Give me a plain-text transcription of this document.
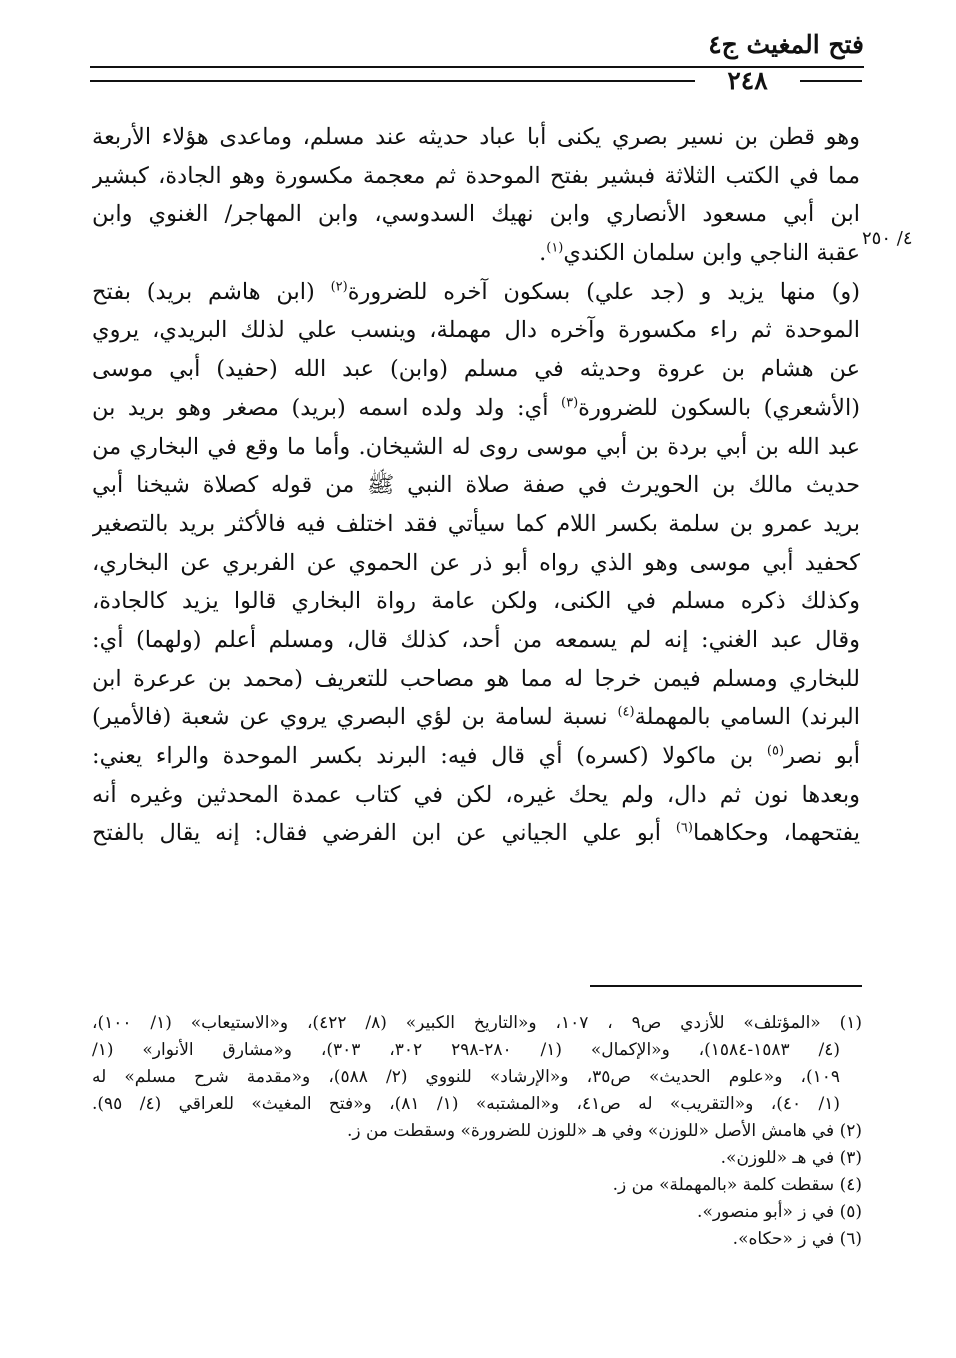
فتح المغيث ج٤
٢٤٨
٤/ ٢٥٠
وهو قطن بن نسير بصري يكنى أبا عباد حديثه عند مسلم، وماعدى هؤلاء الأربعة
مما في الكتب الثلاثة فبشير بفتح الموحدة ثم معجمة مكسورة وهو الجادة، كبشير
ابن أبي مسعود الأنصاري وابن نهيك السدوسي، وابن المهاجر/ الغنوي وابن
عقبة الناجي وابن سلمان الكندي$^{(١)}$.
(و) منها يزيد و (جد علي) بسكون آخره للضرورة$^{(٢)}$ (ابن هاشم بريد) بفتح
الموحدة ثم راء مكسورة وآخره دال مهملة، وينسب علي لذلك البريدي، يروي
عن هشام بن عروة وحديثه في مسلم (وابن) عبد الله (حفيد) أبي موسى
(الأشعري) بالسكون للضرورة$^{(٣)}$ أي: ولد ولده اسمه (بريد) مصغر وهو بريد بن
عبد الله بن أبي بردة بن أبي موسى روى له الشيخان. وأما ما وقع في البخاري من
حديث مالك بن الحويرث في صفة صلاة النبي ﷺ من قوله كصلاة شيخنا أبي
بريد عمرو بن سلمة بكسر اللام كما سيأتي فقد اختلف فيه فالأكثر بريد بالتصغير
كحفيد أبي موسى وهو الذي رواه أبو ذر عن الحموي عن الفربري عن البخاري،
وكذلك ذكره مسلم في الكنى، ولكن عامة رواة البخاري قالوا يزيد كالجادة،
وقال عبد الغني: إنه لم يسمعه من أحد، كذلك قال، ومسلم أعلم (ولهما) أي:
للبخاري ومسلم فيمن خرجا له مما هو مصاحب للتعريف (محمد بن عرعرة ابن
البرند) السامي بالمهملة$^{(٤)}$ نسبة لسامة بن لؤي البصري يروي عن شعبة (فالأمير)
أبو نصر$^{(٥)}$ بن ماكولا (كسره) أي قال فيه: البرند بكسر الموحدة والراء يعني:
وبعدها نون ثم دال، ولم يحك غيره، لكن في كتاب عمدة المحدثين وغيره أنه
يفتحهما، وحكاهما$^{(٦)}$ أبو علي الجياني عن ابن الفرضي فقال: إنه يقال بالفتح
(١) «المؤتلف» للأزدي ص٩ ، ١٠٧، و«التاريخ الكبير» (٨/ ٤٢٢)، و«الاستيعاب» (١/ ١٠٠)،
(٤/ ١٥٨٣-١٥٨٤)، و«الإكمال» (١/ ٢٨٠-٢٩٨ ٣٠٢، ٣٠٣)، و«مشارق الأنوار» (١/
١٠٩)، و«علوم الحديث» ص٣٥، و«الإرشاد» للنووي (٢/ ٥٨٨)، و«مقدمة شرح مسلم» له
(١/ ٤٠)، و«التقريب» له ص٤١، و«المشتبه» (١/ ٨١)، و«فتح المغيث» للعراقي (٤/ ٩٥).
(٢) في هامش الأصل «للوزن» وفي هـ «للوزن للضرورة» وسقطت من ز.
(٣) في هـ «للوزن».
(٤) سقطت كلمة «بالمهملة» من ز.
(٥) في ز «أبو منصور».
(٦) في ز «حكاه».
